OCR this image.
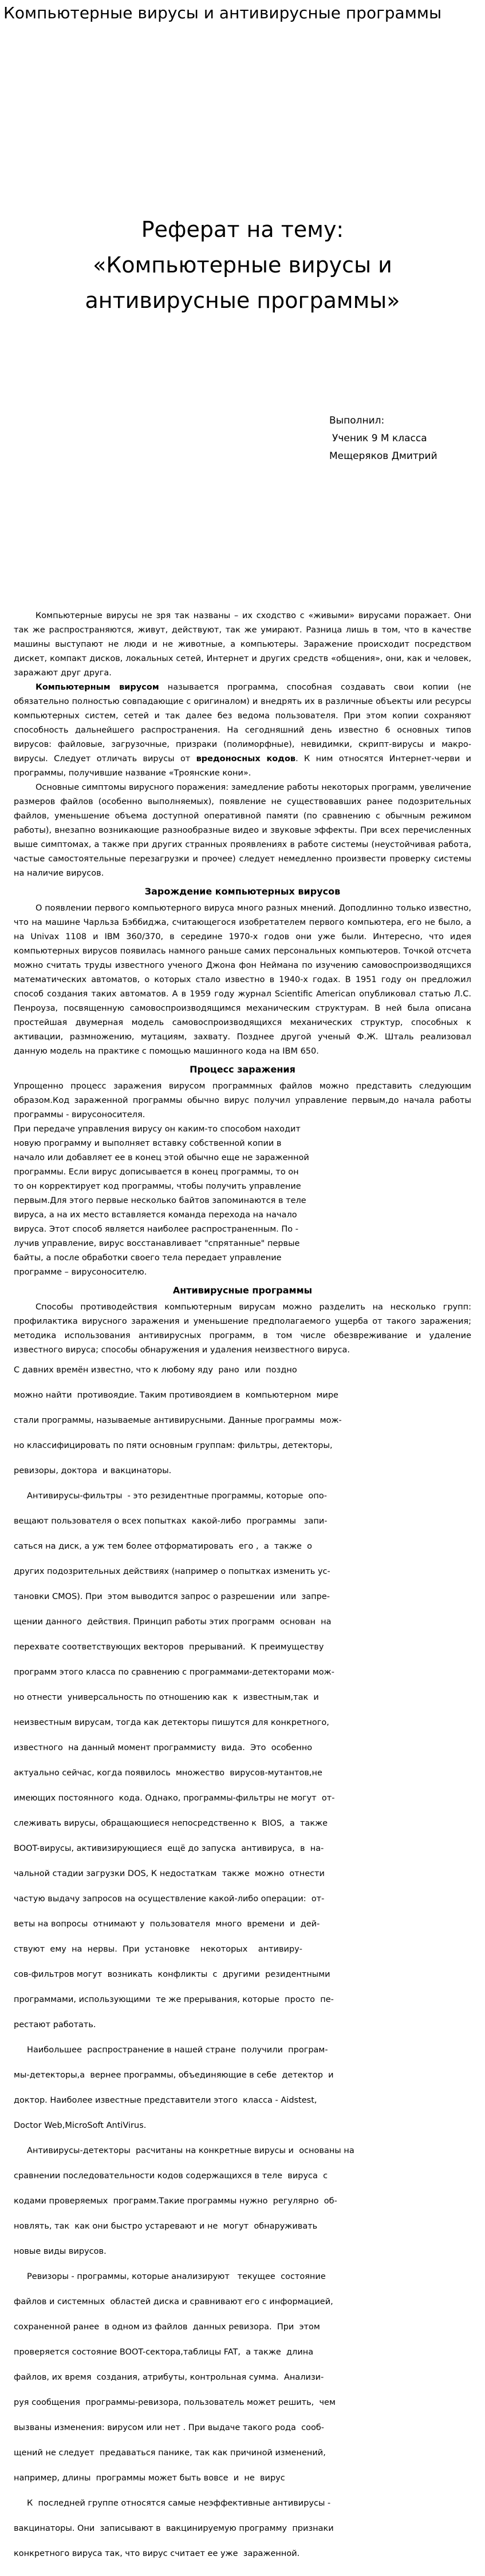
Компьютерные вирусы и антивирусные программы
Реферат на тему:
«Компьютерные вирусы и
антивирусные программы»
Выполнил:
Ученик 9 М класса
Мещеряков Дмитрий

Компьютерные вирусы не зря так названы – их сходство с «живыми» вирусами поражает. Они так же распространяются, живут, действуют, так же умирают. Разница лишь в том, что в качестве машины выступают не люди и не животные, а компьютеры. Заражение происходит посредством дискет, компакт дисков, локальных сетей, Интернет и других средств «общения», они, как и человек, заражают друг друга.

Компьютерным вирусом называется программа, способная создавать свои копии (не обязательно полностью совпадающие с оригиналом) и внедрять их в различные объекты или ресурсы компьютерных систем, сетей и так далее без ведома пользователя. При этом копии сохраняют способность дальнейшего распространения. На сегодняшний день известно 6 основных типов вирусов: файловые, загрузочные, призраки (полиморфные), невидимки, скрипт-вирусы и макро-вирусы. Следует отличать вирусы от вредоносных кодов. К ним относятся Интернет-черви и программы, получившие название «Троянские кони».

Основные симптомы вирусного поражения: замедление работы некоторых программ, увеличение размеров файлов (особенно выполняемых), появление не существовавших ранее подозрительных файлов, уменьшение объема доступной оперативной памяти (по сравнению с обычным режимом работы), внезапно возникающие разнообразные видео и звуковые эффекты. При всех перечисленных выше симптомах, а также при других странных проявлениях в работе системы (неустойчивая работа, частые самостоятельные перезагрузки и прочее) следует немедленно произвести проверку системы на наличие вирусов.

Зарождение компьютерных вирусов

О появлении первого компьютерного вируса много разных мнений. Доподлинно только известно, что на машине Чарльза Бэббиджа, считающегося изобретателем первого компьютера, его не было, а на Univax 1108 и IBM 360/370, в середине 1970-х годов они уже были. Интересно, что идея компьютерных вирусов появилась намного раньше самих персональных компьютеров. Точкой отсчета можно считать труды известного ученого Джона фон Неймана по изучению самовоспроизводящихся математических автоматов, о которых стало известно в 1940-х годах. В 1951 году он предложил способ создания таких автоматов. А в 1959 году журнал Scientific American опубликовал статью Л.С. Пенроуза, посвященную самовоспроизводящимся механическим структурам. В ней была описана простейшая двумерная модель самовоспроизводящихся механических структур, способных к активации, размножению, мутациям, захвату. Позднее другой ученый Ф.Ж. Шталь реализовал данную модель на практике с помощью машинного кода на IBM 650.

Процесс заражения

Упрощенно процесс заражения вирусом программных файлов можно представить следующим образом.Код зараженной программы обычно вирус получил управление первым,до начала работы программы - вирусоносителя.

При передаче управления вирусу он каким-то способом находит

новую программу и выполняет вставку собственной копии в

начало или добавляет ее в конец этой обычно еще не зараженной

программы. Если вирус дописывается в конец программы, то он

то он корректирует код программы, чтобы получить управление

первым.Для этого первые несколько байтов запоминаются в теле

вируса, а на их место вставляется команда перехода на начало

вируса. Этот способ является наиболее распространенным. По -

лучив управление, вирус восстанавливает "спрятанные" первые

байты, а после обработки своего тела передает управление

программе – вирусоносителю.

Антивирусные программы

Способы противодействия компьютерным вирусам можно разделить на несколько групп: профилактика вирусного заражения и уменьшение предполагаемого ущерба от такого заражения; методика использования антивирусных программ, в том числе обезвреживание и удаление известного вируса; способы обнаружения и удаления неизвестного вируса.

С давних времён известно, что к любому яду  рано  или  поздно

можно найти  противоядие. Таким противоядием в  компьютерном  мире

стали программы, называемые антивирусными. Данные программы  мож-

но классифицировать по пяти основным группам: фильтры, детекторы,

ревизоры, доктора  и вакцинаторы.

Антивирусы-фильтры  - это резидентные программы, которые  опо-

вещают пользователя о всех попытках  какой-либо  программы   запи-

саться на диск, а уж тем более отформатировать  его ,  а  также  о

других подозрительных действиях (например о попытках изменить ус-

тановки CMOS). При  этом выводится запрос о разрешении  или  запре-

щении данного  действия. Принцип работы этих программ  основан  на

перехвате соответствующих векторов  прерываний.  К преимуществу

программ этого класса по сравнению с программами-детекторами мож-

но отнести  универсальность по отношению как  к  известным,так  и

неизвестным вирусам, тогда как детекторы пишутся для конкретного,

известного  на данный момент программисту  вида.  Это  особенно

актуально сейчас, когда появилось  множество  вирусов-мутантов,не

имеющих постоянного  кода. Однако, программы-фильтры не могут  от-

слеживать вирусы, обращающиеся непосредственно к  BIOS,  а  также

BOOT-вирусы, активизирующиеся  ещё до запуска  антивируса,  в  на-

чальной стадии загрузки DOS, К недостаткам  также  можно  отнести

частую выдачу запросов на осуществление какой-либо операции:  от-

веты на вопросы  отнимают у  пользователя  много  времени  и  дей-

ствуют  ему  на  нервы.  При  установке    некоторых    антивиру-

сов-фильтров могут  возникать  конфликты  с  другими  резидентными

программами, использующими  те же прерывания, которые  просто  пе-

рестают работать.

Наибольшее  распространение в нашей стране  получили  програм-

мы-детекторы,а  вернее программы, объединяющие в себе  детектор  и

доктор. Наиболее известные представители этого  класса - Aidstest,

Doctor Web,MicroSoft AntiVirus.

Антивирусы-детекторы  расчитаны на конкретные вирусы и  основаны на

сравнении последовательности кодов содержащихся в теле  вируса  с

кодами проверяемых  программ.Такие программы нужно  регулярно  об-

новлять, так  как они быстро устаревают и не  могут  обнаруживать

новые виды вирусов.

Ревизоры - программы, которые анализируют   текущее  состояние

файлов и системных  областей диска и сравнивают его с информацией,

сохраненной ранее  в одном из файлов  данных ревизора.  При  этом

проверяется состояние BOOT-сектора,таблицы FAT,  а также  длина

файлов, их время  создания, атрибуты, контрольная сумма.  Анализи-

руя сообщения  программы-ревизора, пользователь может решить,  чем

вызваны изменения: вирусом или нет . При выдаче такого рода  сооб-

щений не следует  предаваться панике, так как причиной изменений,

например, длины  программы может быть вовсе  и  не  вирус

К  последней группе относятся самые неэффективные антивирусы -

вакцинаторы. Они  записывают в  вакцинируемую программу  признаки

конкретного вируса так, что вирус считает ее уже  зараженной.
